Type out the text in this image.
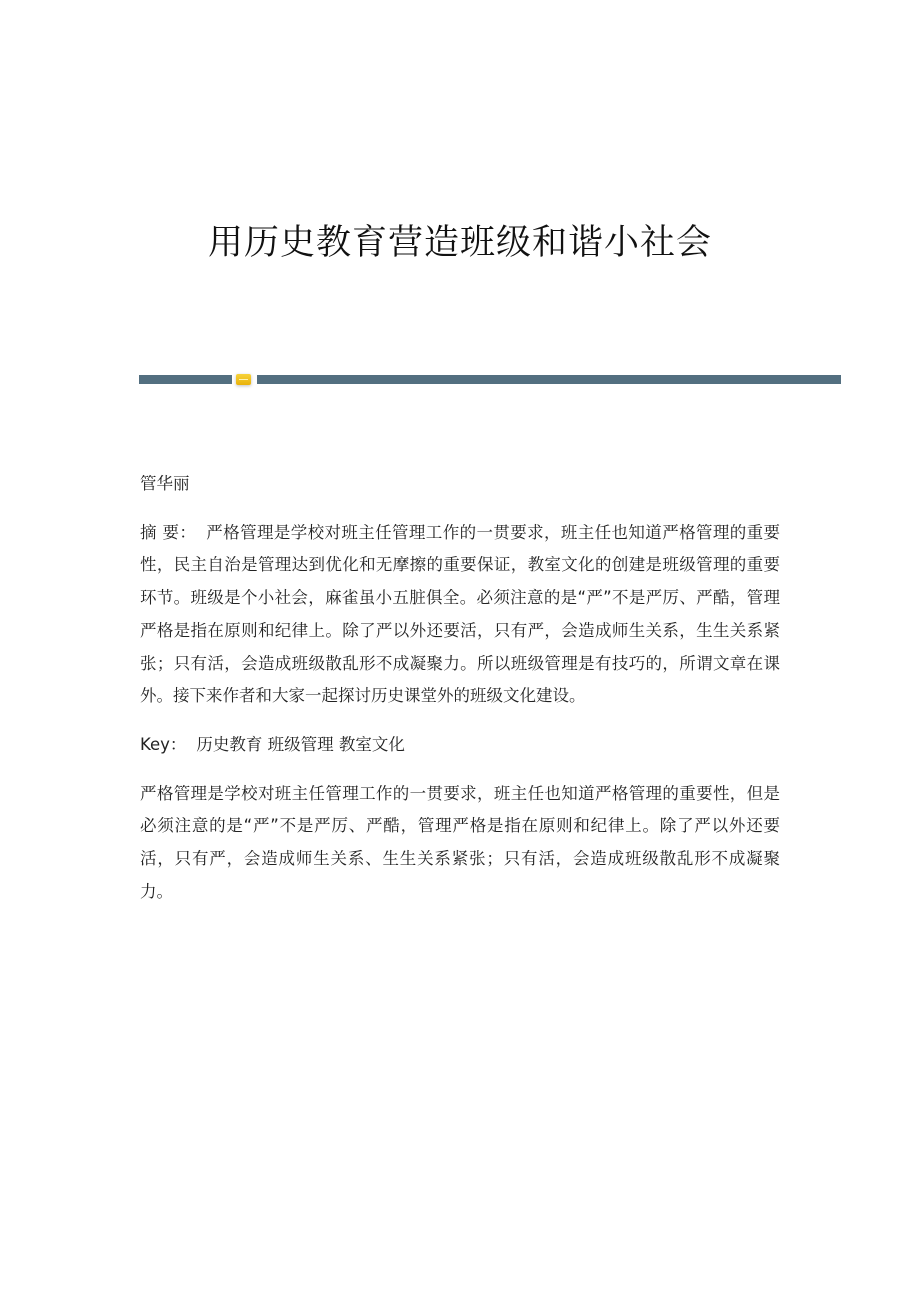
用历史教育营造班级和谐小社会

管华丽

摘 要： 严格管理是学校对班主任管理工作的一贯要求，班主任也知道严格管理的重要性，民主自治是管理达到优化和无摩擦的重要保证，教室文化的创建是班级管理的重要环节。班级是个小社会，麻雀虽小五脏俱全。必须注意的是“严”不是严厉、严酷，管理严格是指在原则和纪律上。除了严以外还要活，只有严，会造成师生关系，生生关系紧张；只有活，会造成班级散乱形不成凝聚力。所以班级管理是有技巧的，所谓文章在课外。接下来作者和大家一起探讨历史课堂外的班级文化建设。

Key： 历史教育 班级管理 教室文化

严格管理是学校对班主任管理工作的一贯要求，班主任也知道严格管理的重要性，但是必须注意的是“严”不是严厉、严酷，管理严格是指在原则和纪律上。除了严以外还要活，只有严，会造成师生关系、生生关系紧张；只有活，会造成班级散乱形不成凝聚力。
